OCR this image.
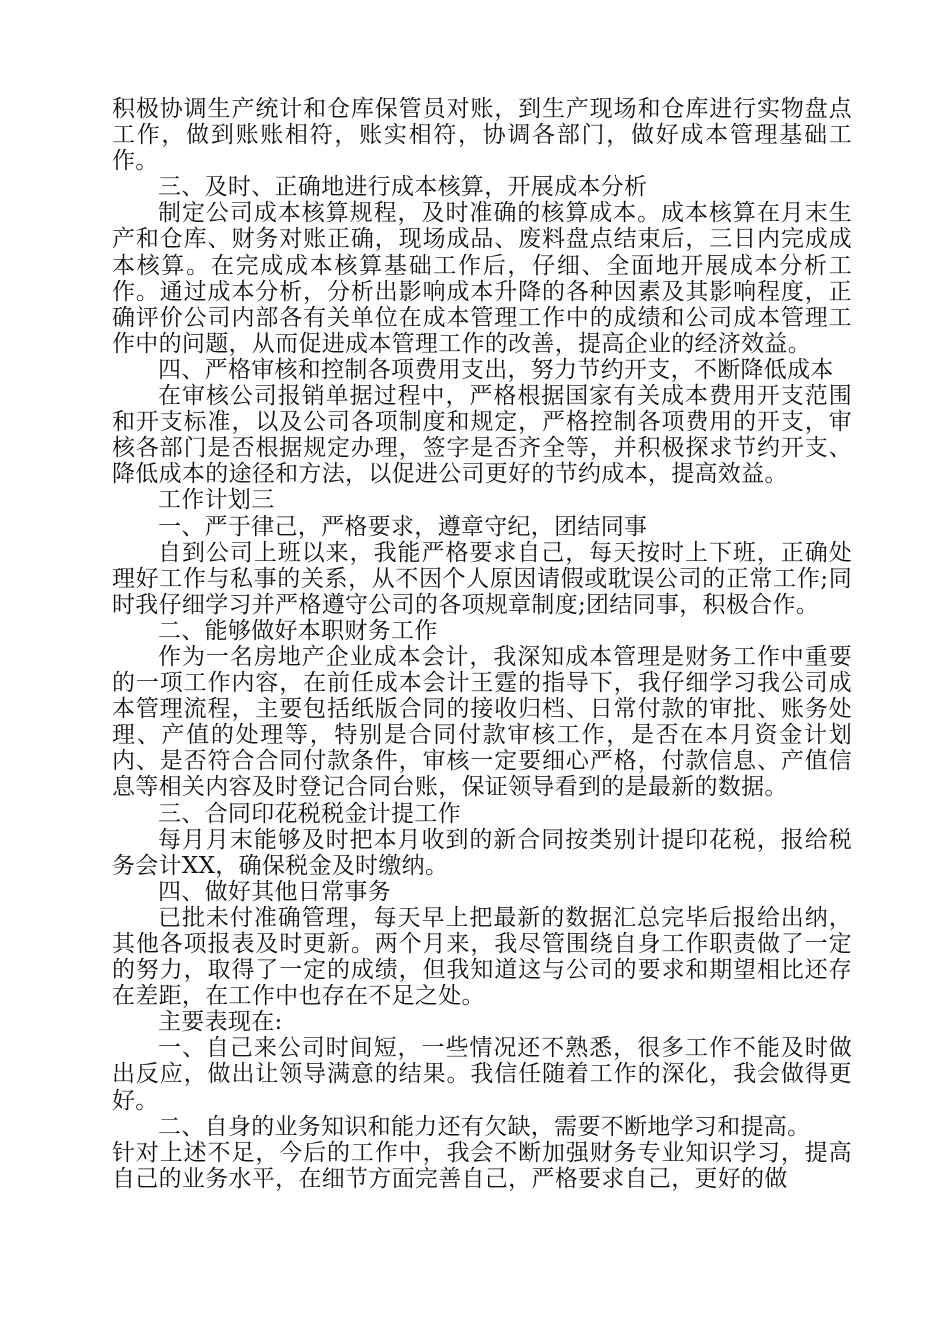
积极协调生产统计和仓库保管员对账，到生产现场和仓库进行实物盘点工作，做到账账相符，账实相符，协调各部门，做好成本管理基础工作。

三、及时、正确地进行成本核算，开展成本分析

制定公司成本核算规程，及时准确的核算成本。成本核算在月末生产和仓库、财务对账正确，现场成品、废料盘点结束后，三日内完成成本核算。在完成成本核算基础工作后，仔细、全面地开展成本分析工作。通过成本分析，分析出影响成本升降的各种因素及其影响程度，正确评价公司内部各有关单位在成本管理工作中的成绩和公司成本管理工作中的问题，从而促进成本管理工作的改善，提高企业的经济效益。

四、严格审核和控制各项费用支出，努力节约开支，不断降低成本

在审核公司报销单据过程中，严格根据国家有关成本费用开支范围和开支标准，以及公司各项制度和规定，严格控制各项费用的开支，审核各部门是否根据规定办理，签字是否齐全等，并积极探求节约开支、降低成本的途径和方法，以促进公司更好的节约成本，提高效益。

工作计划三

一、严于律己，严格要求，遵章守纪，团结同事

自到公司上班以来，我能严格要求自己，每天按时上下班，正确处理好工作与私事的关系，从不因个人原因请假或耽误公司的正常工作;同时我仔细学习并严格遵守公司的各项规章制度;团结同事，积极合作。

二、能够做好本职财务工作

作为一名房地产企业成本会计，我深知成本管理是财务工作中重要的一项工作内容，在前任成本会计王霆的指导下，我仔细学习我公司成本管理流程，主要包括纸版合同的接收归档、日常付款的审批、账务处理、产值的处理等，特别是合同付款审核工作，是否在本月资金计划内、是否符合合同付款条件，审核一定要细心严格，付款信息、产值信息等相关内容及时登记合同台账，保证领导看到的是最新的数据。

三、合同印花税税金计提工作

每月月末能够及时把本月收到的新合同按类别计提印花税，报给税务会计XX，确保税金及时缴纳。

四、做好其他日常事务

已批未付准确管理，每天早上把最新的数据汇总完毕后报给出纳，其他各项报表及时更新。两个月来，我尽管围绕自身工作职责做了一定的努力，取得了一定的成绩，但我知道这与公司的要求和期望相比还存在差距，在工作中也存在不足之处。

主要表现在:

一、自己来公司时间短，一些情况还不熟悉，很多工作不能及时做出反应，做出让领导满意的结果。我信任随着工作的深化，我会做得更好。

二、自身的业务知识和能力还有欠缺，需要不断地学习和提高。

针对上述不足，今后的工作中，我会不断加强财务专业知识学习，提高自己的业务水平，在细节方面完善自己，严格要求自己，更好的做
